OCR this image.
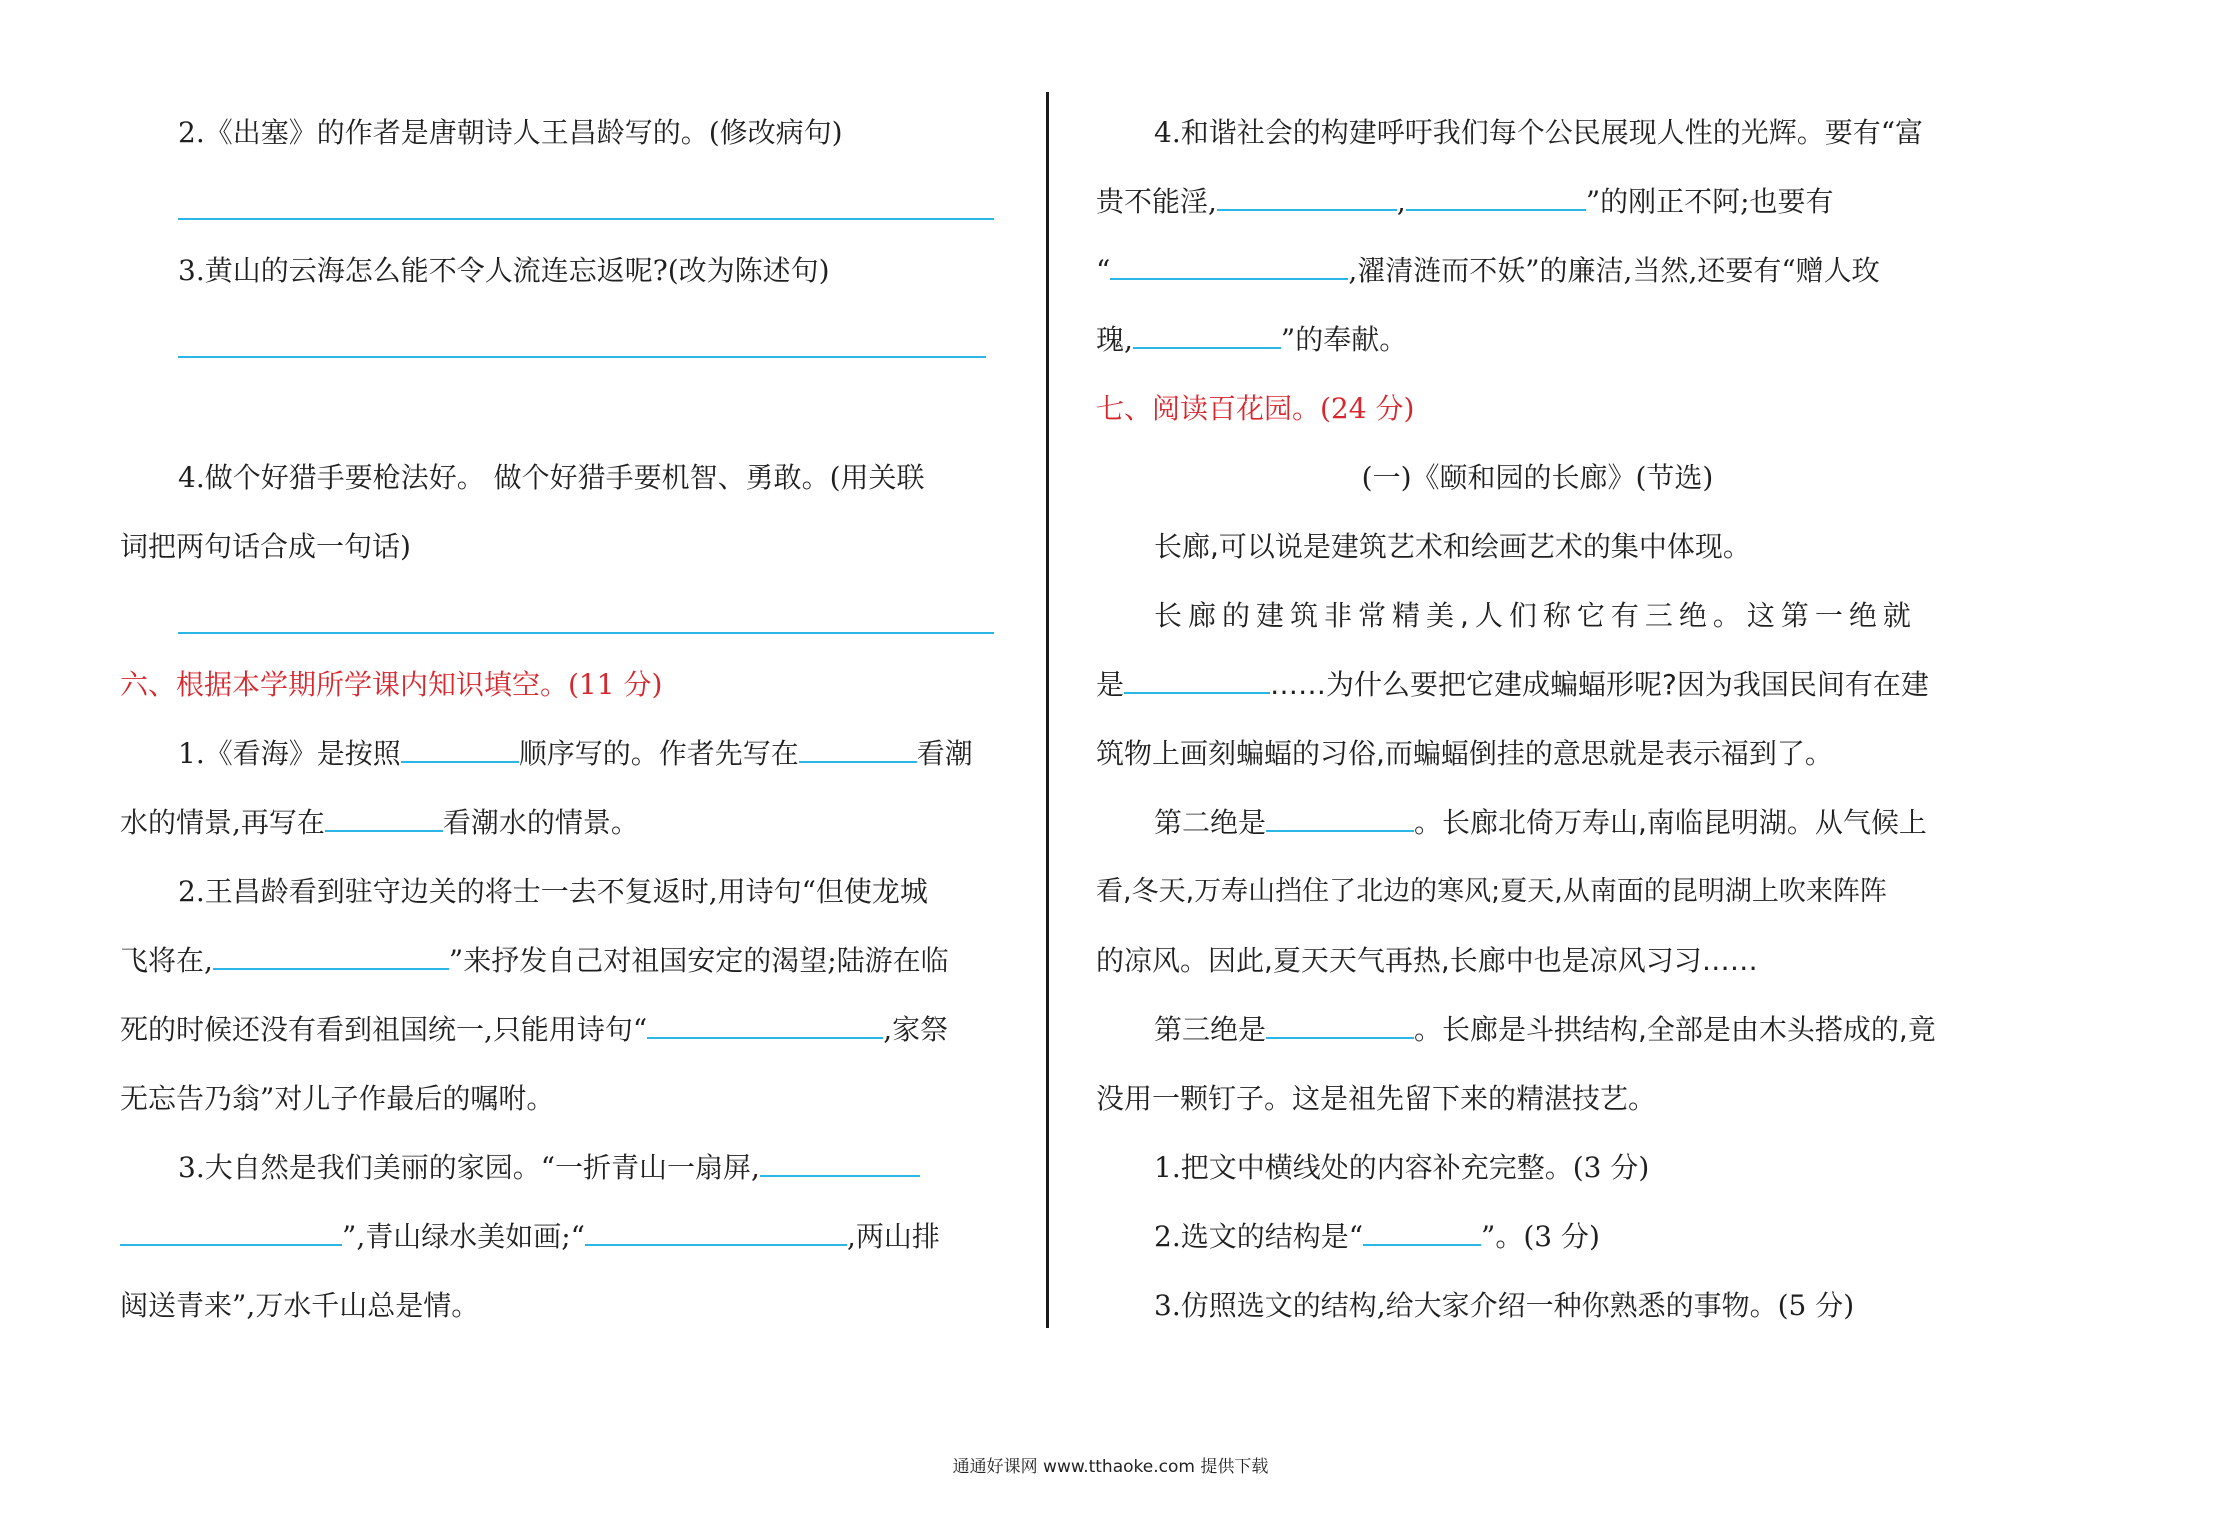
2.《出塞》的作者是唐朝诗人王昌龄写的。(修改病句)
3.黄山的云海怎么能不令人流连忘返呢?(改为陈述句)
4.做个好猎手要枪法好。 做个好猎手要机智、勇敢。(用关联
词把两句话合成一句话)
六、根据本学期所学课内知识填空。(11 分)
1.《看海》是按照	顺序写的。作者先写在	看潮
水的情景,再写在	看潮水的情景。
2.王昌龄看到驻守边关的将士一去不复返时,用诗句“但使龙城
飞将在,	”来抒发自己对祖国安定的渴望;陆游在临
死的时候还没有看到祖国统一,只能用诗句“	,家祭
无忘告乃翁”对儿子作最后的嘱咐。
3.大自然是我们美丽的家园。“一折青山一扇屏,
”,青山绿水美如画;“	,两山排
闼送青来”,万水千山总是情。
4.和谐社会的构建呼吁我们每个公民展现人性的光辉。要有“富
贵不能淫,	,	”的刚正不阿;也要有
“	,濯清涟而不妖”的廉洁,当然,还要有“赠人玫
瑰,	”的奉献。
七、阅读百花园。(24 分)
(一)《颐和园的长廊》(节选)
长廊,可以说是建筑艺术和绘画艺术的集中体现。
长廊的建筑非常精美,人们称它有三绝。这第一绝就
是	……为什么要把它建成蝙蝠形呢?因为我国民间有在建
筑物上画刻蝙蝠的习俗,而蝙蝠倒挂的意思就是表示福到了。
第二绝是	。长廊北倚万寿山,南临昆明湖。从气候上
看,冬天,万寿山挡住了北边的寒风;夏天,从南面的昆明湖上吹来阵阵
的凉风。因此,夏天天气再热,长廊中也是凉风习习……
第三绝是	。长廊是斗拱结构,全部是由木头搭成的,竟
没用一颗钉子。这是祖先留下来的精湛技艺。
1.把文中横线处的内容补充完整。(3 分)
2.选文的结构是“	”。(3 分)
3.仿照选文的结构,给大家介绍一种你熟悉的事物。(5 分)
通通好课网 www.tthaoke.com 提供下载
